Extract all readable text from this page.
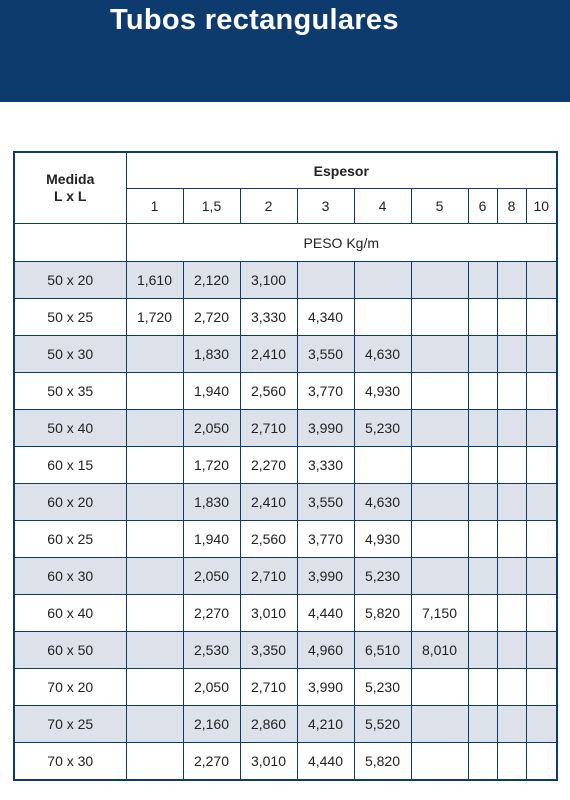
Tubos rectangulares
Medida
L x L	Espesor								
	1	1,5	2	3	4	5	6	8	10
	PESO Kg/m								
50 x 20	1,610	2,120	3,100						
50 x 25	1,720	2,720	3,330	4,340					
50 x 30		1,830	2,410	3,550	4,630				
50 x 35		1,940	2,560	3,770	4,930				
50 x 40		2,050	2,710	3,990	5,230				
60 x 15		1,720	2,270	3,330					
60 x 20		1,830	2,410	3,550	4,630				
60 x 25		1,940	2,560	3,770	4,930				
60 x 30		2,050	2,710	3,990	5,230				
60 x 40		2,270	3,010	4,440	5,820	7,150			
60 x 50		2,530	3,350	4,960	6,510	8,010			
70 x 20		2,050	2,710	3,990	5,230				
70 x 25		2,160	2,860	4,210	5,520				
70 x 30		2,270	3,010	4,440	5,820				
